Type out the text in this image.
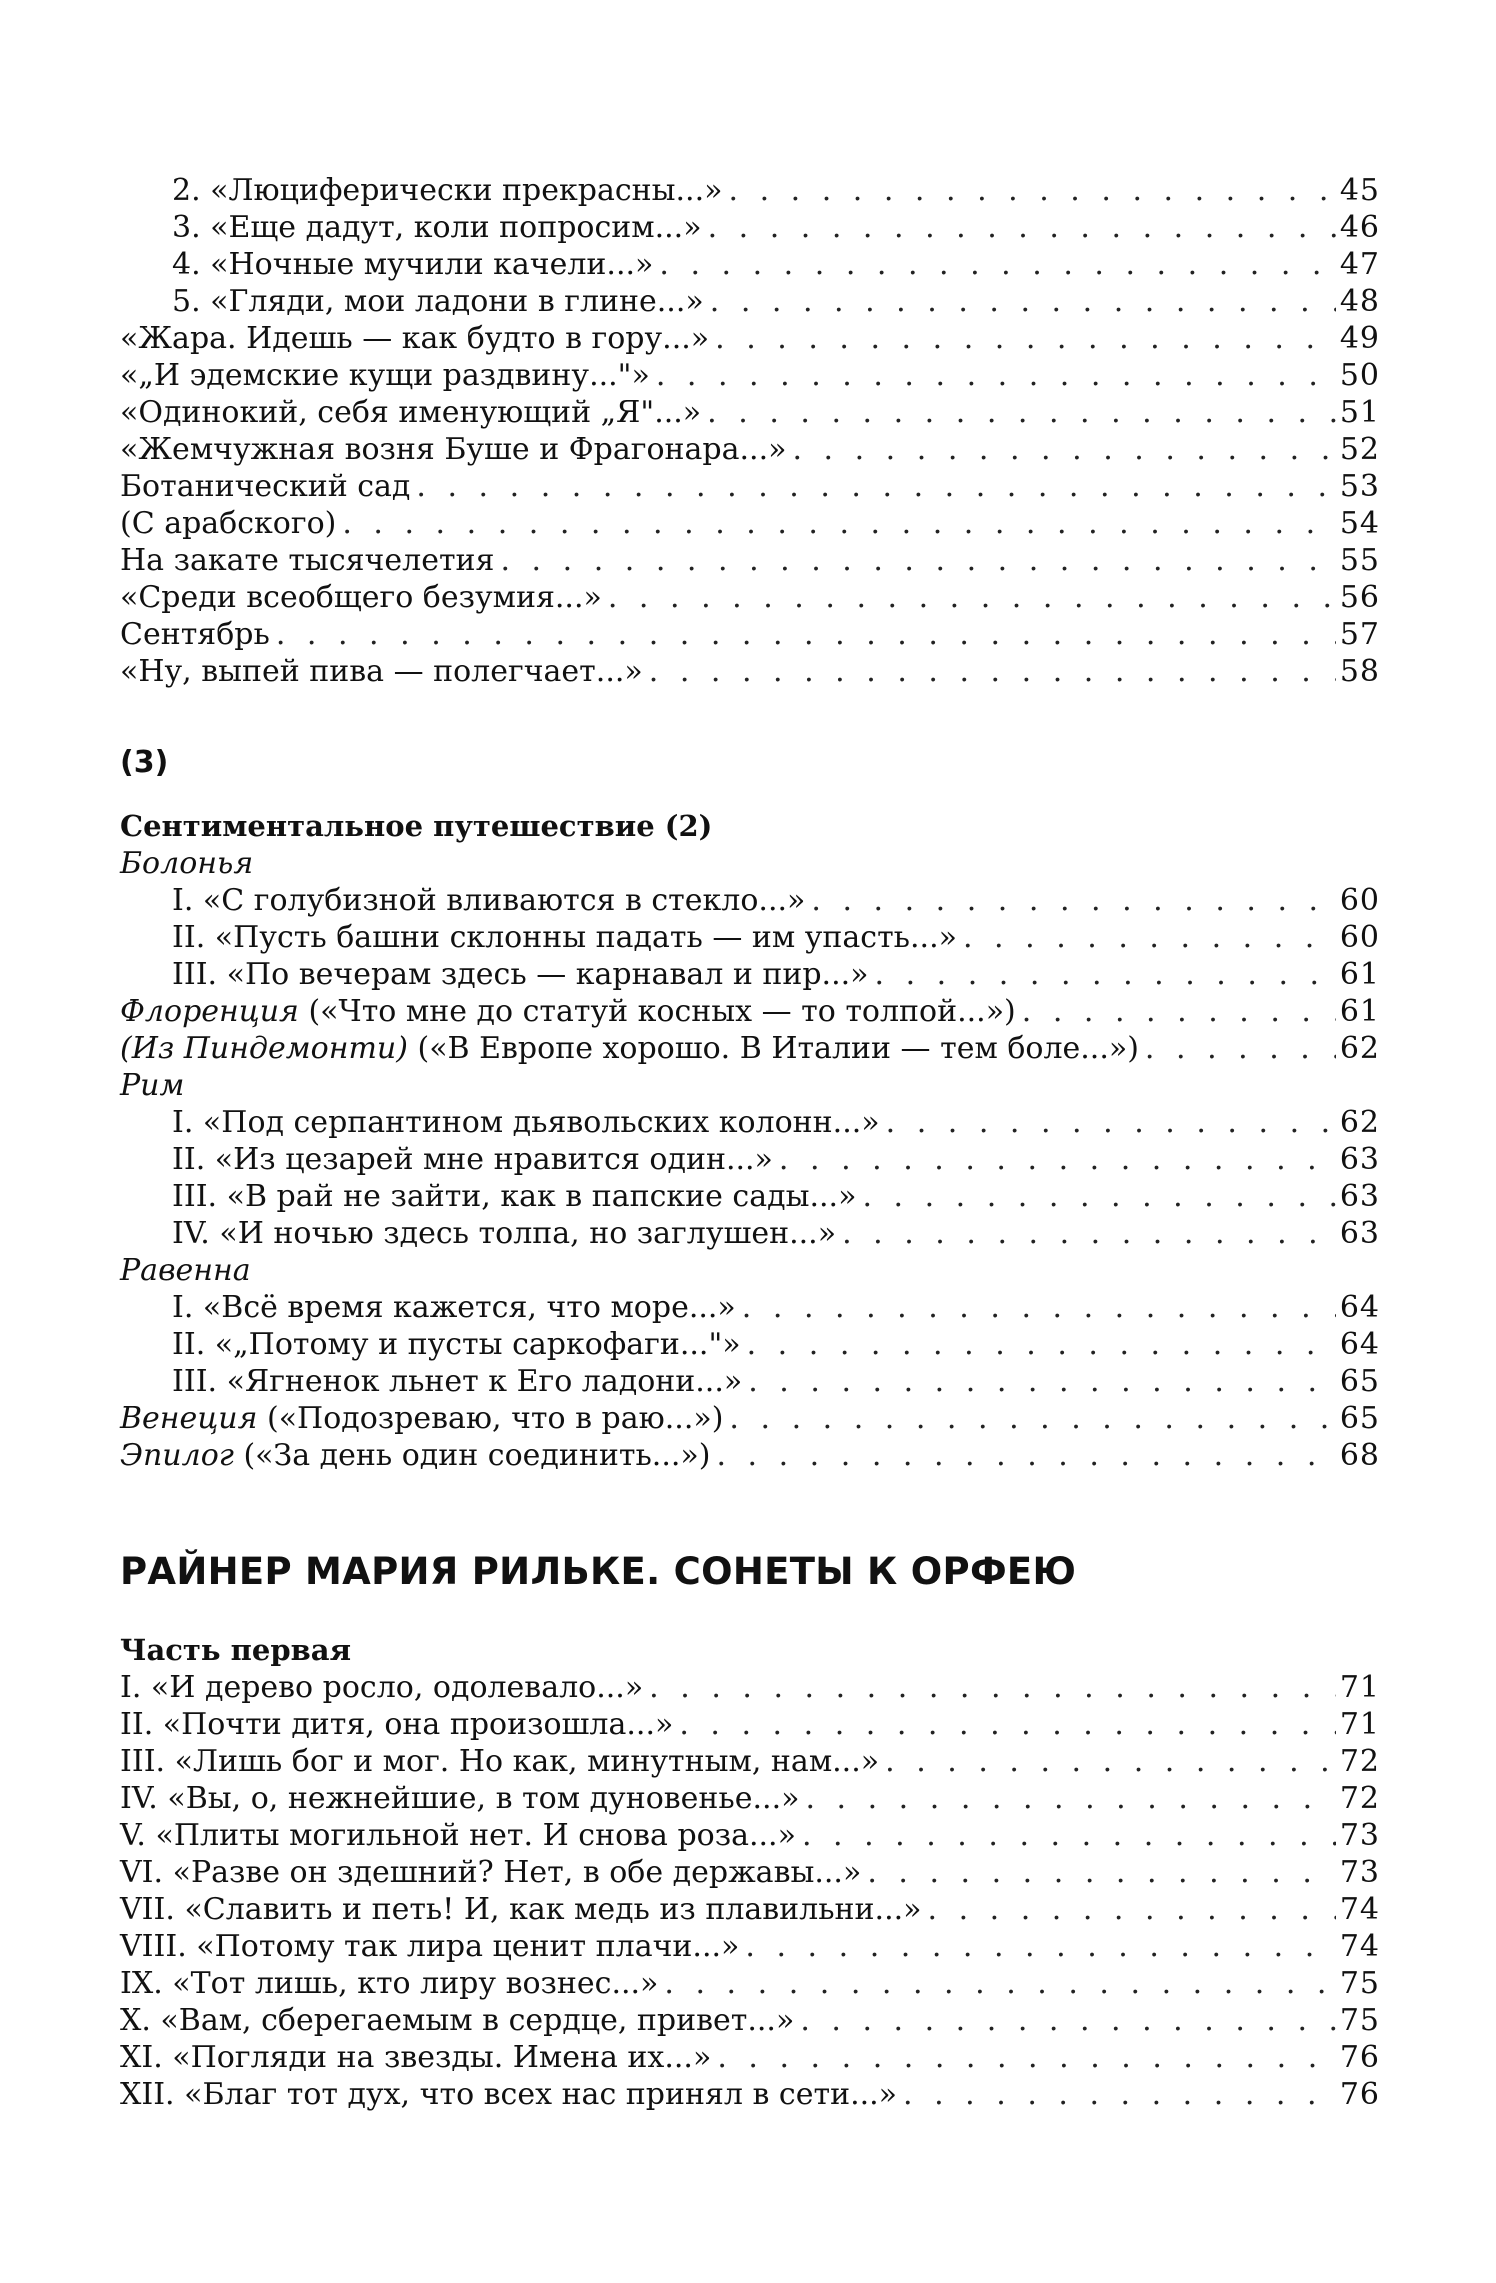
2. «Люциферически прекрасны...» . . .	45
3. «Еще дадут, коли попросим...» . . .	46
4. «Ночные мучили качели...» . . .	47
5. «Гляди, мои ладони в глине...» . . .	48
«Жара. Идешь — как будто в гору...» . . .	49
«„И эдемские кущи раздвину..."» . . .	50
«Одинокий, себя именующий „Я"...» . . .	51
«Жемчужная возня Буше и Фрагонара...» . . .	52
Ботанический сад . . .	53
(С арабского) . . .	54
На закате тысячелетия . . .	55
«Среди всеобщего безумия...» . . .	56
Сентябрь . . .	57
«Ну, выпей пива — полегчает...» . . .	58
(3)
Сентиментальное путешествие (2)
Болонья
I. «С голубизной вливаются в стекло...» . . .	60
II. «Пусть башни склонны падать — им упасть...» . . .	60
III. «По вечерам здесь — карнавал и пир...» . . .	61
Флоренция («Что мне до статуй косных — то толпой...») . . .	61
(Из Пиндемонти) («В Европе хорошо. В Италии — тем боле...») . . .	62
Рим
I. «Под серпантином дьявольских колонн...» . . .	62
II. «Из цезарей мне нравится один...» . . .	63
III. «В рай не зайти, как в папские сады...» . . .	63
IV. «И ночью здесь толпа, но заглушен...» . . .	63
Равенна
I. «Всё время кажется, что море...» . . .	64
II. «„Потому и пусты саркофаги..."» . . .	64
III. «Ягненок льнет к Его ладони...» . . .	65
Венеция («Подозреваю, что в раю...») . . .	65
Эпилог («За день один соединить...») . . .	68
РАЙНЕР МАРИЯ РИЛЬКЕ. СОНЕТЫ К ОРФЕЮ
Часть первая
I. «И дерево росло, одолевало...» . . .	71
II. «Почти дитя, она произошла...» . . .	71
III. «Лишь бог и мог. Но как, минутным, нам...» . . .	72
IV. «Вы, о, нежнейшие, в том дуновенье...» . . .	72
V. «Плиты могильной нет. И снова роза...» . . .	73
VI. «Разве он здешний? Нет, в обе державы...» . . .	73
VII. «Славить и петь! И, как медь из плавильни...» . . .	74
VIII. «Потому так лира ценит плачи...» . . .	74
IX. «Тот лишь, кто лиру вознес...» . . .	75
X. «Вам, сберегаемым в сердце, привет...» . . .	75
XI. «Погляди на звезды. Имена их...» . . .	76
XII. «Благ тот дух, что всех нас принял в сети...» . . .	76
